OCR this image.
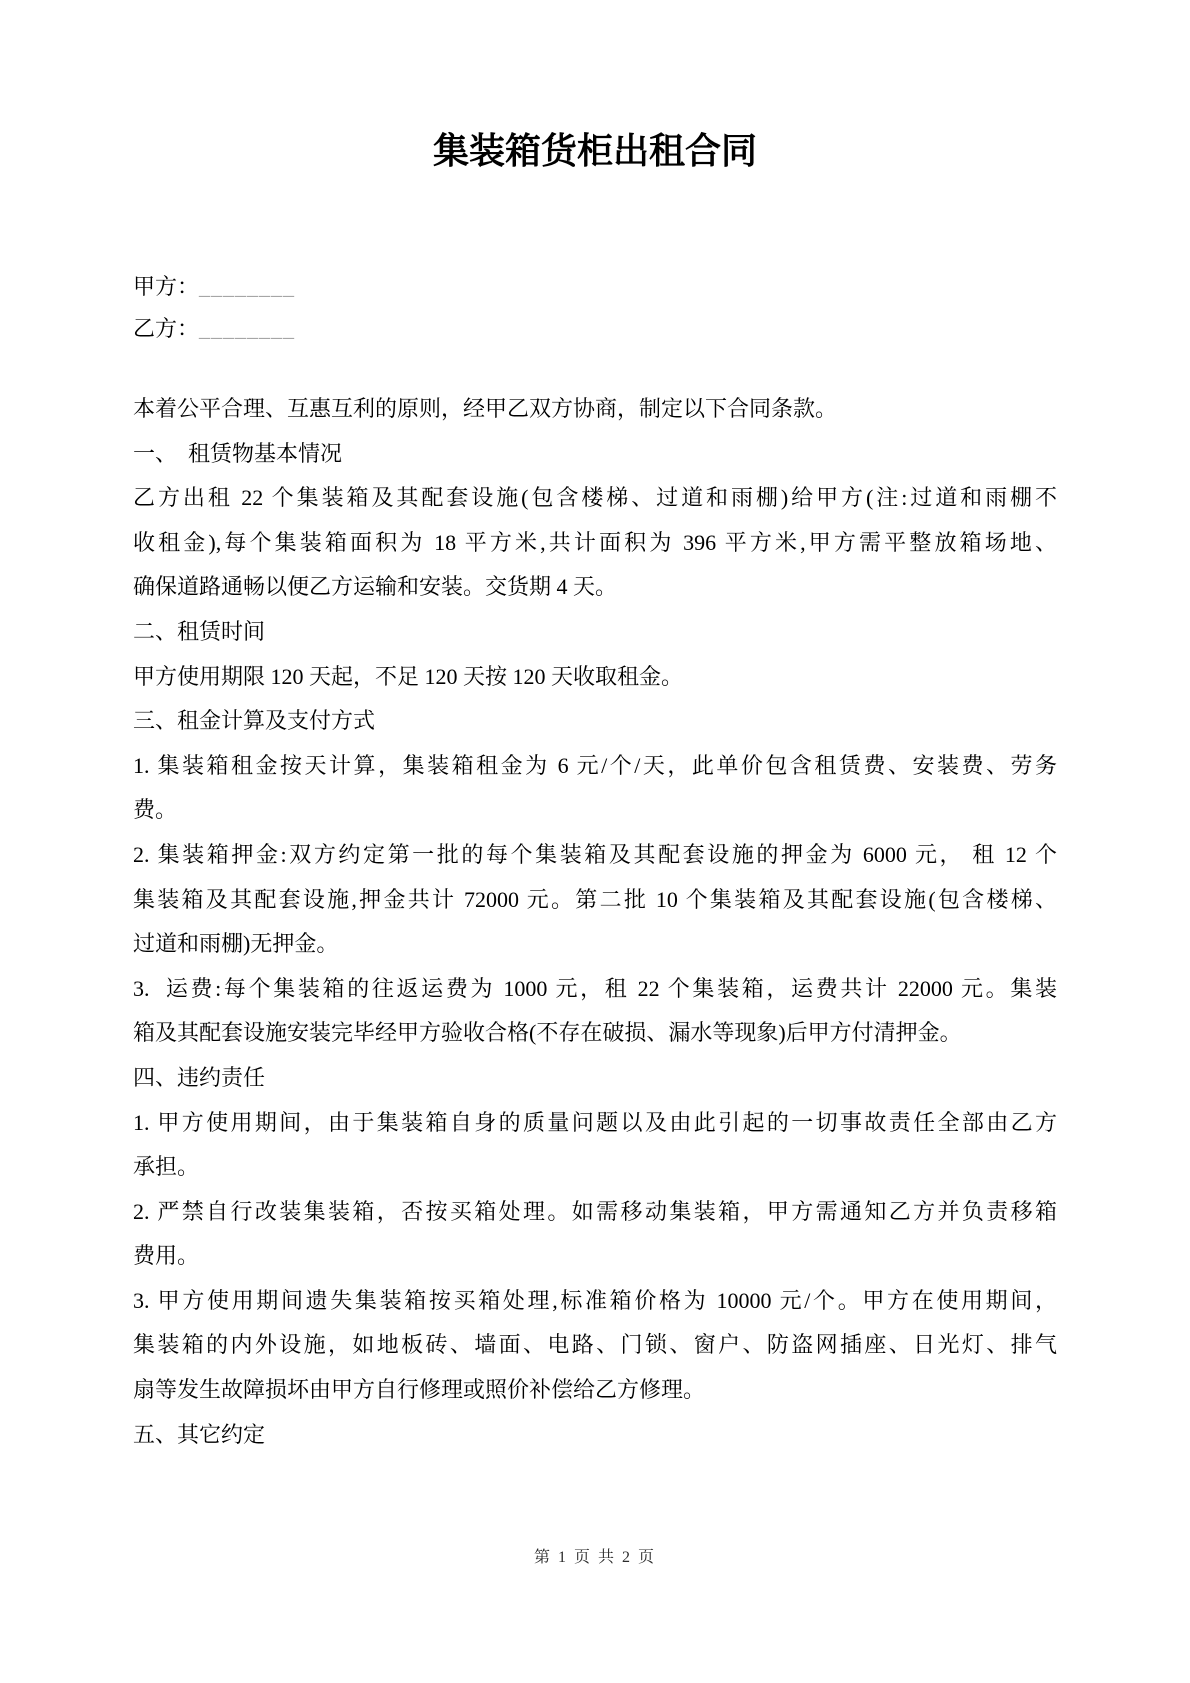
集装箱货柜出租合同
甲方：________
乙方：________
本着公平合理、互惠互利的原则，经甲乙双方协商，制定以下合同条款。
一、　租赁物基本情况
乙方出租 22 个集装箱及其配套设施(包含楼梯、过道和雨棚)给甲方(注:过道和雨棚不
收租金),每个集装箱面积为 18 平方米,共计面积为 396 平方米,甲方需平整放箱场地、
确保道路通畅以便乙方运输和安装。交货期 4 天。
二、租赁时间
甲方使用期限 120 天起，不足 120 天按 120 天收取租金。
三、租金计算及支付方式
1. 集装箱租金按天计算，集装箱租金为 6 元/个/天，此单价包含租赁费、安装费、劳务
费。
2. 集装箱押金:双方约定第一批的每个集装箱及其配套设施的押金为 6000 元， 租 12 个
集装箱及其配套设施,押金共计 72000 元。第二批 10 个集装箱及其配套设施(包含楼梯、
过道和雨棚)无押金。
3.  运费:每个集装箱的往返运费为 1000 元，租 22 个集装箱，运费共计 22000 元。集装
箱及其配套设施安装完毕经甲方验收合格(不存在破损、漏水等现象)后甲方付清押金。
四、违约责任
1. 甲方使用期间，由于集装箱自身的质量问题以及由此引起的一切事故责任全部由乙方
承担。
2. 严禁自行改装集装箱，否按买箱处理。如需移动集装箱，甲方需通知乙方并负责移箱
费用。
3. 甲方使用期间遗失集装箱按买箱处理,标准箱价格为 10000 元/个。甲方在使用期间，
集装箱的内外设施，如地板砖、墙面、电路、门锁、窗户、防盗网插座、日光灯、排气
扇等发生故障损坏由甲方自行修理或照价补偿给乙方修理。
五、其它约定
第 1 页 共 2 页
